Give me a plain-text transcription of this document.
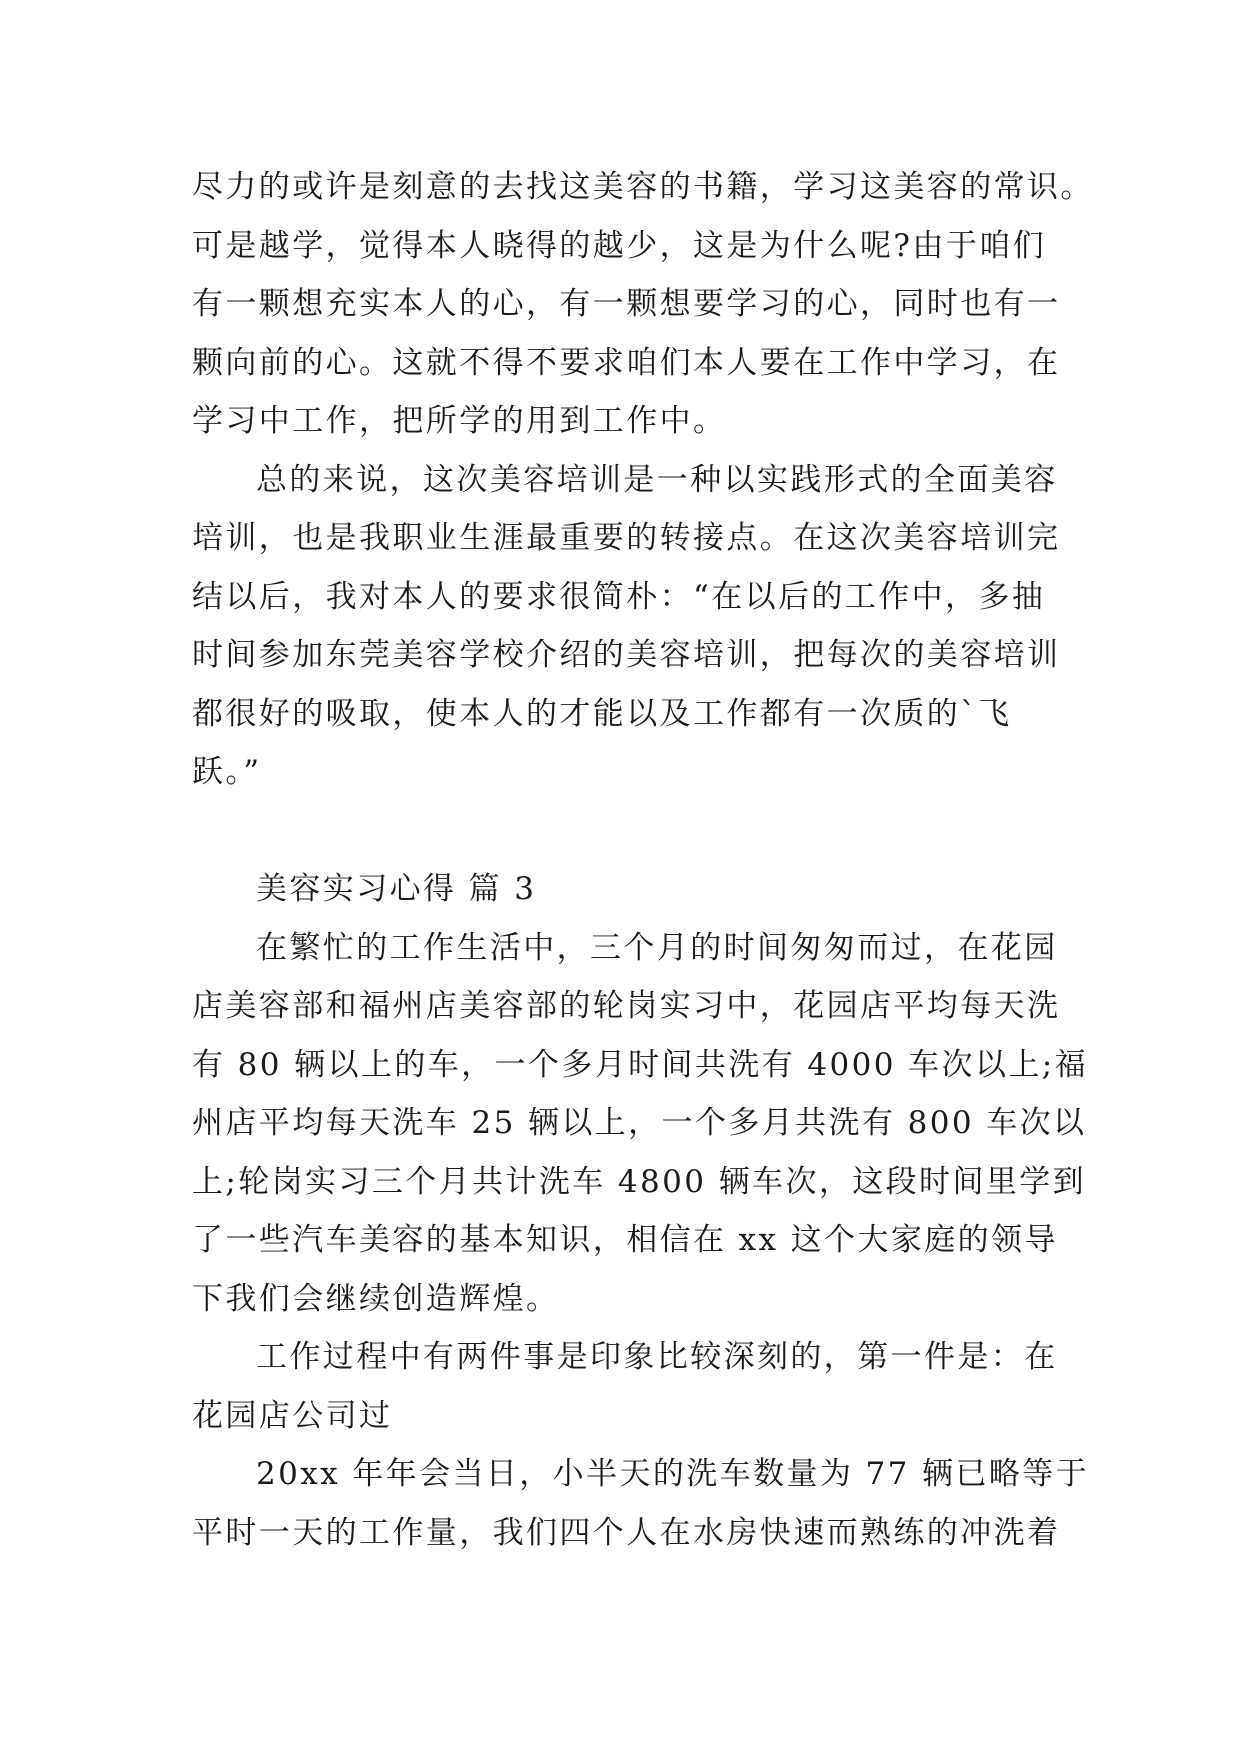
尽力的或许是刻意的去找这美容的书籍，学习这美容的常识。
可是越学，觉得本人晓得的越少，这是为什么呢?由于咱们
有一颗想充实本人的心，有一颗想要学习的心，同时也有一
颗向前的心。这就不得不要求咱们本人要在工作中学习，在
学习中工作，把所学的用到工作中。
总的来说，这次美容培训是一种以实践形式的全面美容
培训，也是我职业生涯最重要的转接点。在这次美容培训完
结以后，我对本人的要求很简朴：“在以后的工作中，多抽
时间参加东莞美容学校介绍的美容培训，把每次的美容培训
都很好的吸取，使本人的才能以及工作都有一次质的`飞
跃。”
美容实习心得 篇 3
在繁忙的工作生活中，三个月的时间匆匆而过，在花园
店美容部和福州店美容部的轮岗实习中，花园店平均每天洗
有 80 辆以上的车，一个多月时间共洗有 4000 车次以上;福
州店平均每天洗车 25 辆以上，一个多月共洗有 800 车次以
上;轮岗实习三个月共计洗车 4800 辆车次，这段时间里学到
了一些汽车美容的基本知识，相信在 xx 这个大家庭的领导
下我们会继续创造辉煌。
工作过程中有两件事是印象比较深刻的，第一件是：在
花园店公司过
20xx 年年会当日，小半天的洗车数量为 77 辆已略等于
平时一天的工作量，我们四个人在水房快速而熟练的冲洗着
